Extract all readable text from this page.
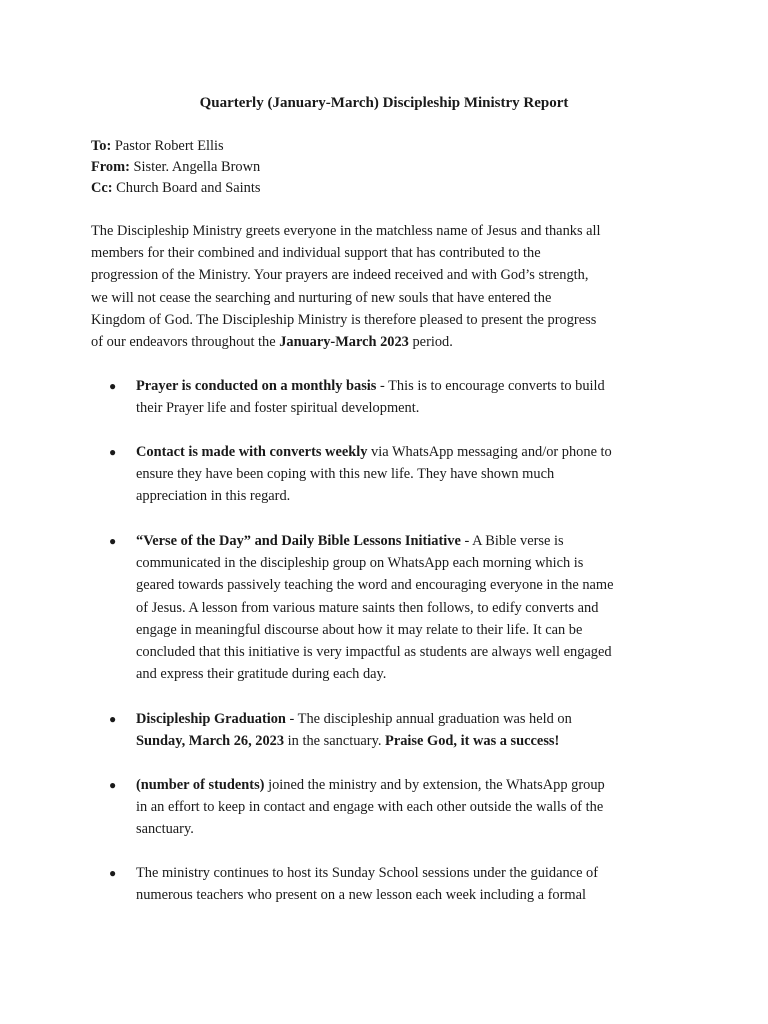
Quarterly (January-March) Discipleship Ministry Report
To: Pastor Robert Ellis
From: Sister. Angella Brown
Cc: Church Board and Saints
The Discipleship Ministry greets everyone in the matchless name of Jesus and thanks all
members for their combined and individual support that has contributed to the
progression of the Ministry. Your prayers are indeed received and with God’s strength,
we will not cease the searching and nurturing of new souls that have entered the
Kingdom of God. The Discipleship Ministry is therefore pleased to present the progress
of our endeavors throughout the January-March 2023 period.
● Prayer is conducted on a monthly basis - This is to encourage converts to build
their Prayer life and foster spiritual development.
● Contact is made with converts weekly via WhatsApp messaging and/or phone to
ensure they have been coping with this new life. They have shown much
appreciation in this regard.
● “Verse of the Day” and Daily Bible Lessons Initiative - A Bible verse is
communicated in the discipleship group on WhatsApp each morning which is
geared towards passively teaching the word and encouraging everyone in the name
of Jesus. A lesson from various mature saints then follows, to edify converts and
engage in meaningful discourse about how it may relate to their life. It can be
concluded that this initiative is very impactful as students are always well engaged
and express their gratitude during each day.
● Discipleship Graduation - The discipleship annual graduation was held on
Sunday, March 26, 2023 in the sanctuary. Praise God, it was a success!
● (number of students) joined the ministry and by extension, the WhatsApp group
in an effort to keep in contact and engage with each other outside the walls of the
sanctuary.
● The ministry continues to host its Sunday School sessions under the guidance of
numerous teachers who present on a new lesson each week including a formal
